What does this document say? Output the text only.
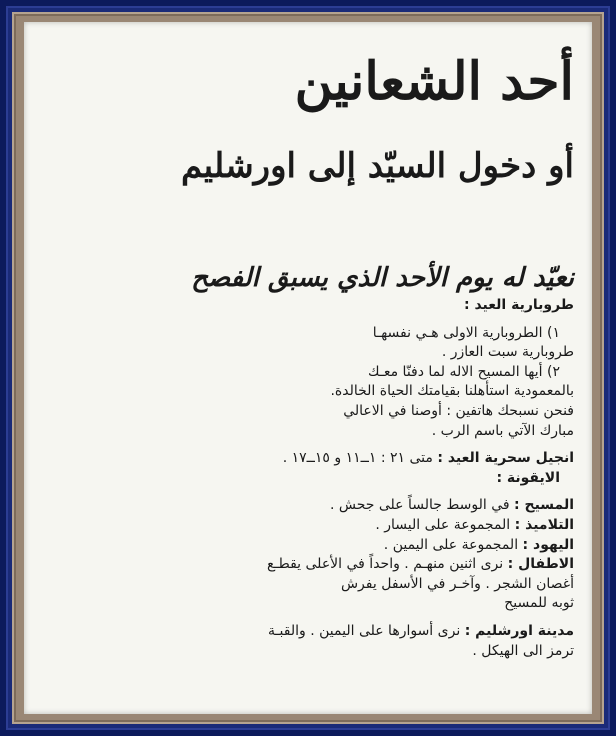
أحد الشعانين
أو دخول السيّد إلى اورشليم
نعيّد له يوم الأحد الذي يسبق الفصح

طروبارية العيد :

١) الطروبارية الاولى هـي نفسهـا

طروبارية سبت العازر .

٢) أيها المسيح الاله لما دفنّا معـك

بالمعمودية استأهلنا بقيامتك الحياة الخالدة.

فنحن نسبحك هاتفين : أوصنا في الاعالي

مبارك الآتي باسم الرب .

انجيل سحرية العيد : متى ٢١ : ١ــ١١ و ١٥ــ١٧ .

الايقونة :

المسيح : في الوسط جالساً على جحش .

التلاميذ : المجموعة على اليسار .

اليهود : المجموعة على اليمين .

الاطفال : نرى اثنين منهـم . واحداً في الأعلى يقطـع

أغصان الشجر . وآخـر في الأسفل يفرش

ثوبه للمسيح

مدينة اورشليم : نرى أسوارها على اليمين . والقبـة

ترمز الى الهيكل .
